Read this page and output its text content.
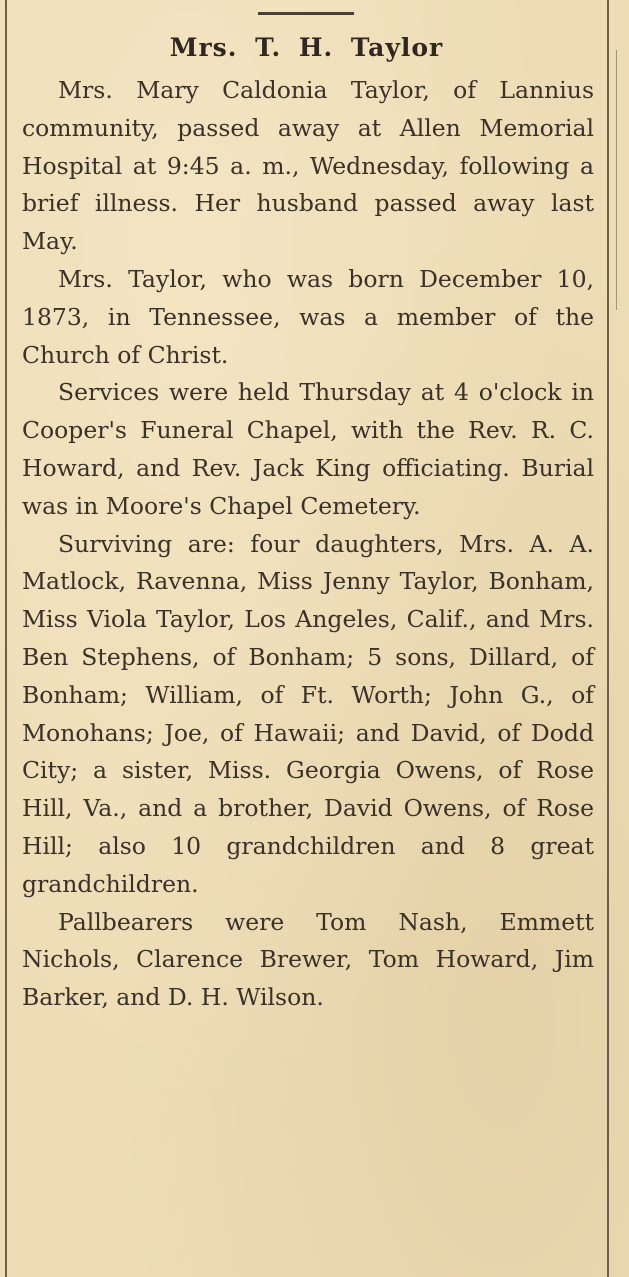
Mrs. T. H. Taylor

Mrs. Mary Caldonia Taylor, of Lannius community, passed away at Allen Memorial Hospital at 9:45 a. m., Wednesday, following a brief illness. Her husband passed away last May.

Mrs. Taylor, who was born December 10, 1873, in Tennessee, was a member of the Church of Christ.

Services were held Thursday at 4 o'clock in Cooper's Funeral Chapel, with the Rev. R. C. Howard, and Rev. Jack King officiating. Burial was in Moore's Chapel Cemetery.

Surviving are: four daughters, Mrs. A. A. Matlock, Ravenna, Miss Jenny Taylor, Bonham, Miss Viola Taylor, Los Angeles, Calif., and Mrs. Ben Stephens, of Bonham; 5 sons, Dillard, of Bonham; William, of Ft. Worth; John G., of Monohans; Joe, of Hawaii; and David, of Dodd City; a sister, Miss. Georgia Owens, of Rose Hill, Va., and a brother, David Owens, of Rose Hill; also 10 grandchildren and 8 great grandchildren.

Pallbearers were Tom Nash, Emmett Nichols, Clarence Brewer, Tom Howard, Jim Barker, and D. H. Wilson.
